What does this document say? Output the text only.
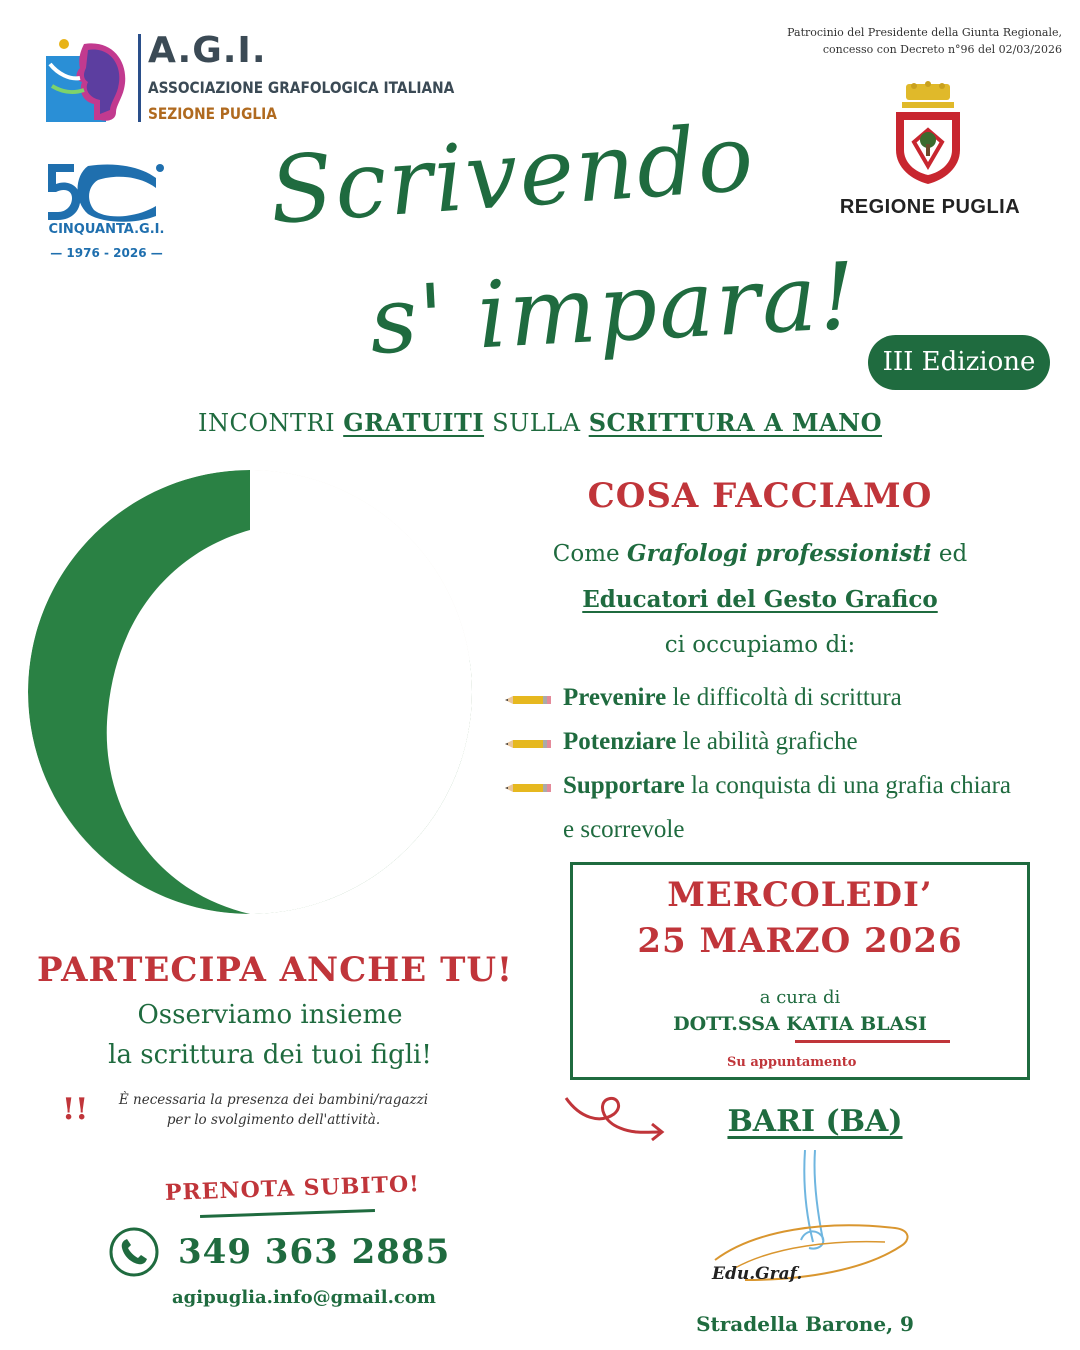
Patrocinio del Presidente della Giunta Regionale,
concesso con Decreto n°96 del 02/03/2026
A.G.I.
ASSOCIAZIONE GRAFOLOGICA ITALIANA
SEZIONE PUGLIA
CINQUANTA.G.I.
— 1976 - 2026 —
REGIONE PUGLIA
Scrivendo
s' impara! III Edizione
INCONTRI GRATUITI SULLA SCRITTURA A MANO
COSA FACCIAMO
Come Grafologi professionisti ed
Educatori del Gesto Grafico
ci occupiamo di:
Prevenire le difficoltà di scrittura
Potenziare le abilità grafiche
Supportare la conquista di una grafia chiara e scorrevole
MERCOLEDI’
25 MARZO 2026
a cura di
DOTT.SSA KATIA BLASI
Su appuntamento
PARTECIPA ANCHE TU!
Osserviamo insieme
la scrittura dei tuoi figli!
!!	È necessaria la presenza dei bambini/ragazzi
per lo svolgimento dell'attività.
PRENOTA SUBITO!
349 363 2885
agipuglia.info@gmail.com
BARI (BA)
Edu.Graf.
Stradella Barone, 9
